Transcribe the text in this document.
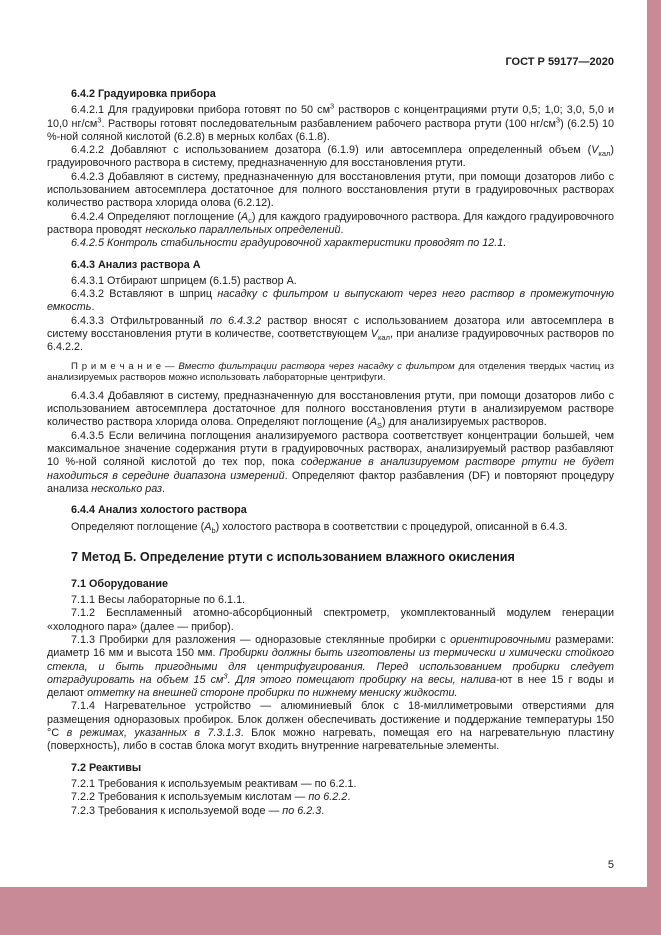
ГОСТ Р 59177—2020
6.4.2 Градуировка прибора
6.4.2.1 Для градуировки прибора готовят по 50 $см^3$ растворов с концентрациями ртути 0,5; 1,0; 3,0, 5,0 и 10,0 $нг/см^3$. Растворы готовят последовательным разбавлением рабочего раствора ртути (100 $нг/см^3$) (6.2.5) 10 %-ной соляной кислотой (6.2.8) в мерных колбах (6.1.8).
6.4.2.2 Добавляют с использованием дозатора (6.1.9) или автосемплера определенный объем $(V_{кал})$ градуировочного раствора в систему, предназначенную для восстановления ртути.
6.4.2.3 Добавляют в систему, предназначенную для восстановления ртути, при помощи дозаторов либо с использованием автосемплера достаточное для полного восстановления ртути в градуировочных растворах количество раствора хлорида олова (6.2.12).
6.4.2.4 Определяют поглощение $(A_с)$ для каждого градуировочного раствора. Для каждого градуировочного раствора проводят несколько параллельных определений.
6.4.2.5 Контроль стабильности градуировочной характеристики проводят по 12.1.
6.4.3 Анализ раствора А
6.4.3.1 Отбирают шприцем (6.1.5) раствор А.
6.4.3.2 Вставляют в шприц насадку с фильтром и выпускают через него раствор в промежуточную емкость.
6.4.3.3 Отфильтрованный по 6.4.3.2 раствор вносят с использованием дозатора или автосемплера в систему восстановления ртути в количестве, соответствующем $V_{кал}$, при анализе градуировочных растворов по 6.4.2.2.
П р и м е ч а н и е — Вместо фильтрации раствора через насадку с фильтром для отделения твердых частиц из анализируемых растворов можно использовать лабораторные центрифуги.
6.4.3.4 Добавляют в систему, предназначенную для восстановления ртути, при помощи дозаторов либо с использованием автосемплера достаточное для полного восстановления ртути в анализируемом растворе количество раствора хлорида олова. Определяют поглощение $(A_S)$ для анализируемых растворов.
6.4.3.5 Если величина поглощения анализируемого раствора соответствует концентрации большей, чем максимальное значение содержания ртути в градуировочных растворах, анализируемый раствор разбавляют 10 %-ной соляной кислотой до тех пор, пока содержание в анализируемом растворе ртути не будет находиться в середине диапазона измерений. Определяют фактор разбавления (DF) и повторяют процедуру анализа несколько раз.
6.4.4 Анализ холостого раствора
Определяют поглощение $(A_b)$ холостого раствора в соответствии с процедурой, описанной в 6.4.3.
7 Метод Б. Определение ртути с использованием влажного окисления
7.1 Оборудование
7.1.1 Весы лабораторные по 6.1.1.
7.1.2 Беспламенный атомно-абсорбционный спектрометр, укомплектованный модулем генерации «холодного пара» (далее — прибор).
7.1.3 Пробирки для разложения — одноразовые стеклянные пробирки с ориентировочными размерами: диаметр 16 мм и высота 150 мм. Пробирки должны быть изготовлены из термически и химически стойкого стекла, и быть пригодными для центрифугирования. Перед использованием пробирки следует отградуировать на объем 15 $см^3$. Для этого помещают пробирку на весы, налива-ют в нее 15 г воды и делают отметку на внешней стороне пробирки по нижнему мениску жидкости.
7.1.4 Нагревательное устройство — алюминиевый блок с 18-миллиметровыми отверстиями для размещения одноразовых пробирок. Блок должен обеспечивать достижение и поддержание температуры 150 °С в режимах, указанных в 7.3.1.3. Блок можно нагревать, помещая его на нагревательную пластину (поверхность), либо в состав блока могут входить внутренние нагревательные элементы.
7.2 Реактивы
7.2.1 Требования к используемым реактивам — по 6.2.1.
7.2.2 Требования к используемым кислотам — по 6.2.2.
7.2.3 Требования к используемой воде — по 6.2.3.
5
